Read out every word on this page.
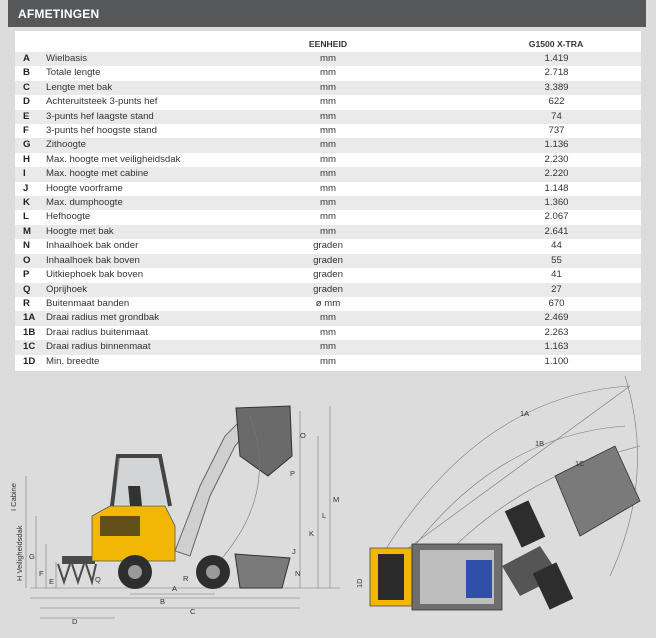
AFMETINGEN
		EENHEID	G1500 X-TRA
A	Wielbasis	mm	1.419
B	Totale lengte	mm	2.718
C	Lengte met bak	mm	3.389
D	Achteruitsteek 3-punts hef	mm	622
E	3-punts hef laagste stand	mm	74
F	3-punts hef hoogste stand	mm	737
G	Zithoogte	mm	1.136
H	Max. hoogte met veiligheidsdak	mm	2.230
I	Max. hoogte met cabine	mm	2.220
J	Hoogte voorframe	mm	1.148
K	Max. dumphoogte	mm	1.360
L	Hefhoogte	mm	2.067
M	Hoogte met bak	mm	2.641
N	Inhaalhoek bak onder	graden	44
O	Inhaalhoek bak boven	graden	55
P	Uitkiephoek bak boven	graden	41
Q	Oprijhoek	graden	27
R	Buitenmaat banden	ø mm	670
1A	Draai radius met grondbak	mm	2.469
1B	Draai radius buitenmaat	mm	2.263
1C	Draai radius binnenmaat	mm	1.163
1D	Min. breedte	mm	1.100
A
B
C
D
E
F
G
J
K
L
M
N
O
P
Q	R
H Veiligheidsdak
I Cabine
1A
1B
1C
1D
